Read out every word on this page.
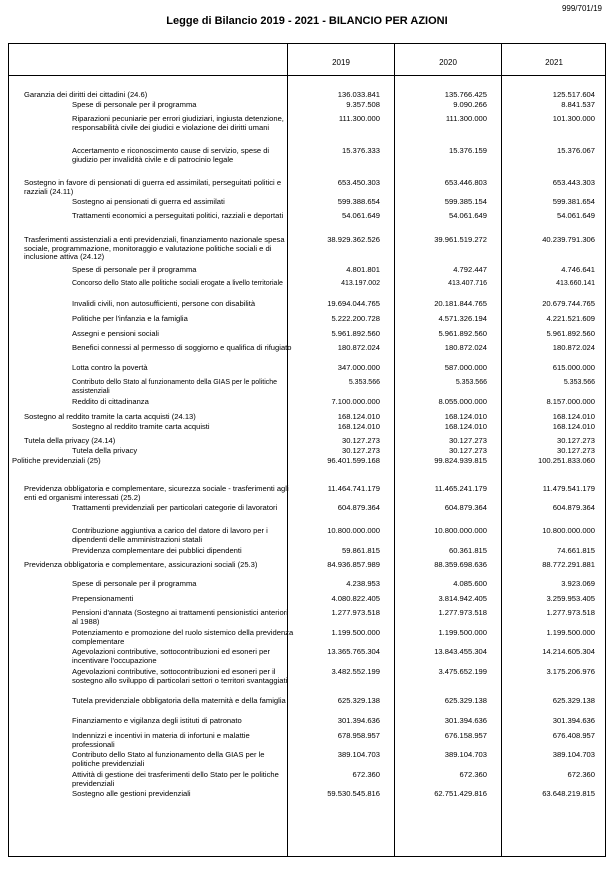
999/701/19
Legge di Bilancio 2019 - 2021 - BILANCIO PER AZIONI
2019	2020	2021
Garanzia dei diritti dei cittadini (24.6)	136.033.841	135.766.425	125.517.604
Spese di personale per il programma	9.357.508	9.090.266	8.841.537
Riparazioni pecuniarie per errori giudiziari, ingiusta detenzione, responsabilità civile dei giudici e violazione dei diritti umani
111.300.000	111.300.000	101.300.000
Accertamento e riconoscimento cause di servizio, spese di giudizio per invalidità civile e di patrocinio legale
15.376.333	15.376.159	15.376.067
Sostegno in favore di pensionati di guerra ed assimilati, perseguitati politici e razziali (24.11)
653.450.303	653.446.803	653.443.303
Sostegno ai pensionati di guerra ed assimilati	599.388.654	599.385.154	599.381.654
Trattamenti economici a perseguitati politici, razziali e deportati	54.061.649	54.061.649	54.061.649
Trasferimenti assistenziali a enti previdenziali, finanziamento nazionale spesa sociale, programmazione, monitoraggio e valutazione politiche sociali e di inclusione attiva (24.12)
38.929.362.526	39.961.519.272	40.239.791.306
Spese di personale per il programma	4.801.801	4.792.447	4.746.641
Concorso dello Stato alle politiche sociali erogate a livello territoriale	413.197.002	413.407.716	413.660.141
Invalidi civili, non autosufficienti, persone con disabilità	19.694.044.765	20.181.844.765	20.679.744.765
Politiche per l'infanzia e la famiglia	5.222.200.728	4.571.326.194	4.221.521.609
Assegni e pensioni sociali	5.961.892.560	5.961.892.560	5.961.892.560
Benefici connessi al permesso di soggiorno e qualifica di rifugiato	180.872.024	180.872.024	180.872.024
Lotta contro la povertà	347.000.000	587.000.000	615.000.000
Contributo dello Stato al funzionamento della GIAS per le politiche assistenziali
5.353.566	5.353.566	5.353.566
Reddito di cittadinanza	7.100.000.000	8.055.000.000	8.157.000.000
Sostegno al reddito tramite la carta acquisti (24.13)	168.124.010	168.124.010	168.124.010
Sostegno al reddito tramite carta acquisti	168.124.010	168.124.010	168.124.010
Tutela della privacy (24.14)	30.127.273	30.127.273	30.127.273
Tutela della privacy	30.127.273	30.127.273	30.127.273
Politiche previdenziali (25)	96.401.599.168	99.824.939.815	100.251.833.060
Previdenza obbligatoria e complementare, sicurezza sociale - trasferimenti agli enti ed organismi interessati (25.2)
11.464.741.179	11.465.241.179	11.479.541.179
Trattamenti previdenziali per particolari categorie di lavoratori	604.879.364	604.879.364	604.879.364
Contribuzione aggiuntiva a carico del datore di lavoro per i dipendenti delle amministrazioni statali
10.800.000.000	10.800.000.000	10.800.000.000
Previdenza complementare dei pubblici dipendenti	59.861.815	60.361.815	74.661.815
Previdenza obbligatoria e complementare, assicurazioni sociali (25.3)	84.936.857.989	88.359.698.636	88.772.291.881
Spese di personale per il programma	4.238.953	4.085.600	3.923.069
Prepensionamenti	4.080.822.405	3.814.942.405	3.259.953.405
Pensioni d'annata (Sostegno ai trattamenti pensionistici anteriori al 1988)
1.277.973.518	1.277.973.518	1.277.973.518
Potenziamento e promozione del ruolo sistemico della previdenza complementare
1.199.500.000	1.199.500.000	1.199.500.000
Agevolazioni contributive, sottocontribuzioni ed esoneri per incentivare l'occupazione
13.365.765.304	13.843.455.304	14.214.605.304
Agevolazioni contributive, sottocontribuzioni ed esoneri per il sostegno allo sviluppo di particolari settori o territori svantaggiati
3.482.552.199	3.475.652.199	3.175.206.976
Tutela previdenziale obbligatoria della maternità e della famiglia	625.329.138	625.329.138	625.329.138
Finanziamento e vigilanza degli istituti di patronato	301.394.636	301.394.636	301.394.636
Indennizzi e incentivi in materia di infortuni e malattie professionali
678.958.957	676.158.957	676.408.957
Contributo dello Stato al funzionamento della GIAS per le politiche previdenziali
389.104.703	389.104.703	389.104.703
Attività di gestione dei trasferimenti dello Stato per le politiche previdenziali
672.360	672.360	672.360
Sostegno alle gestioni previdenziali	59.530.545.816	62.751.429.816	63.648.219.815
